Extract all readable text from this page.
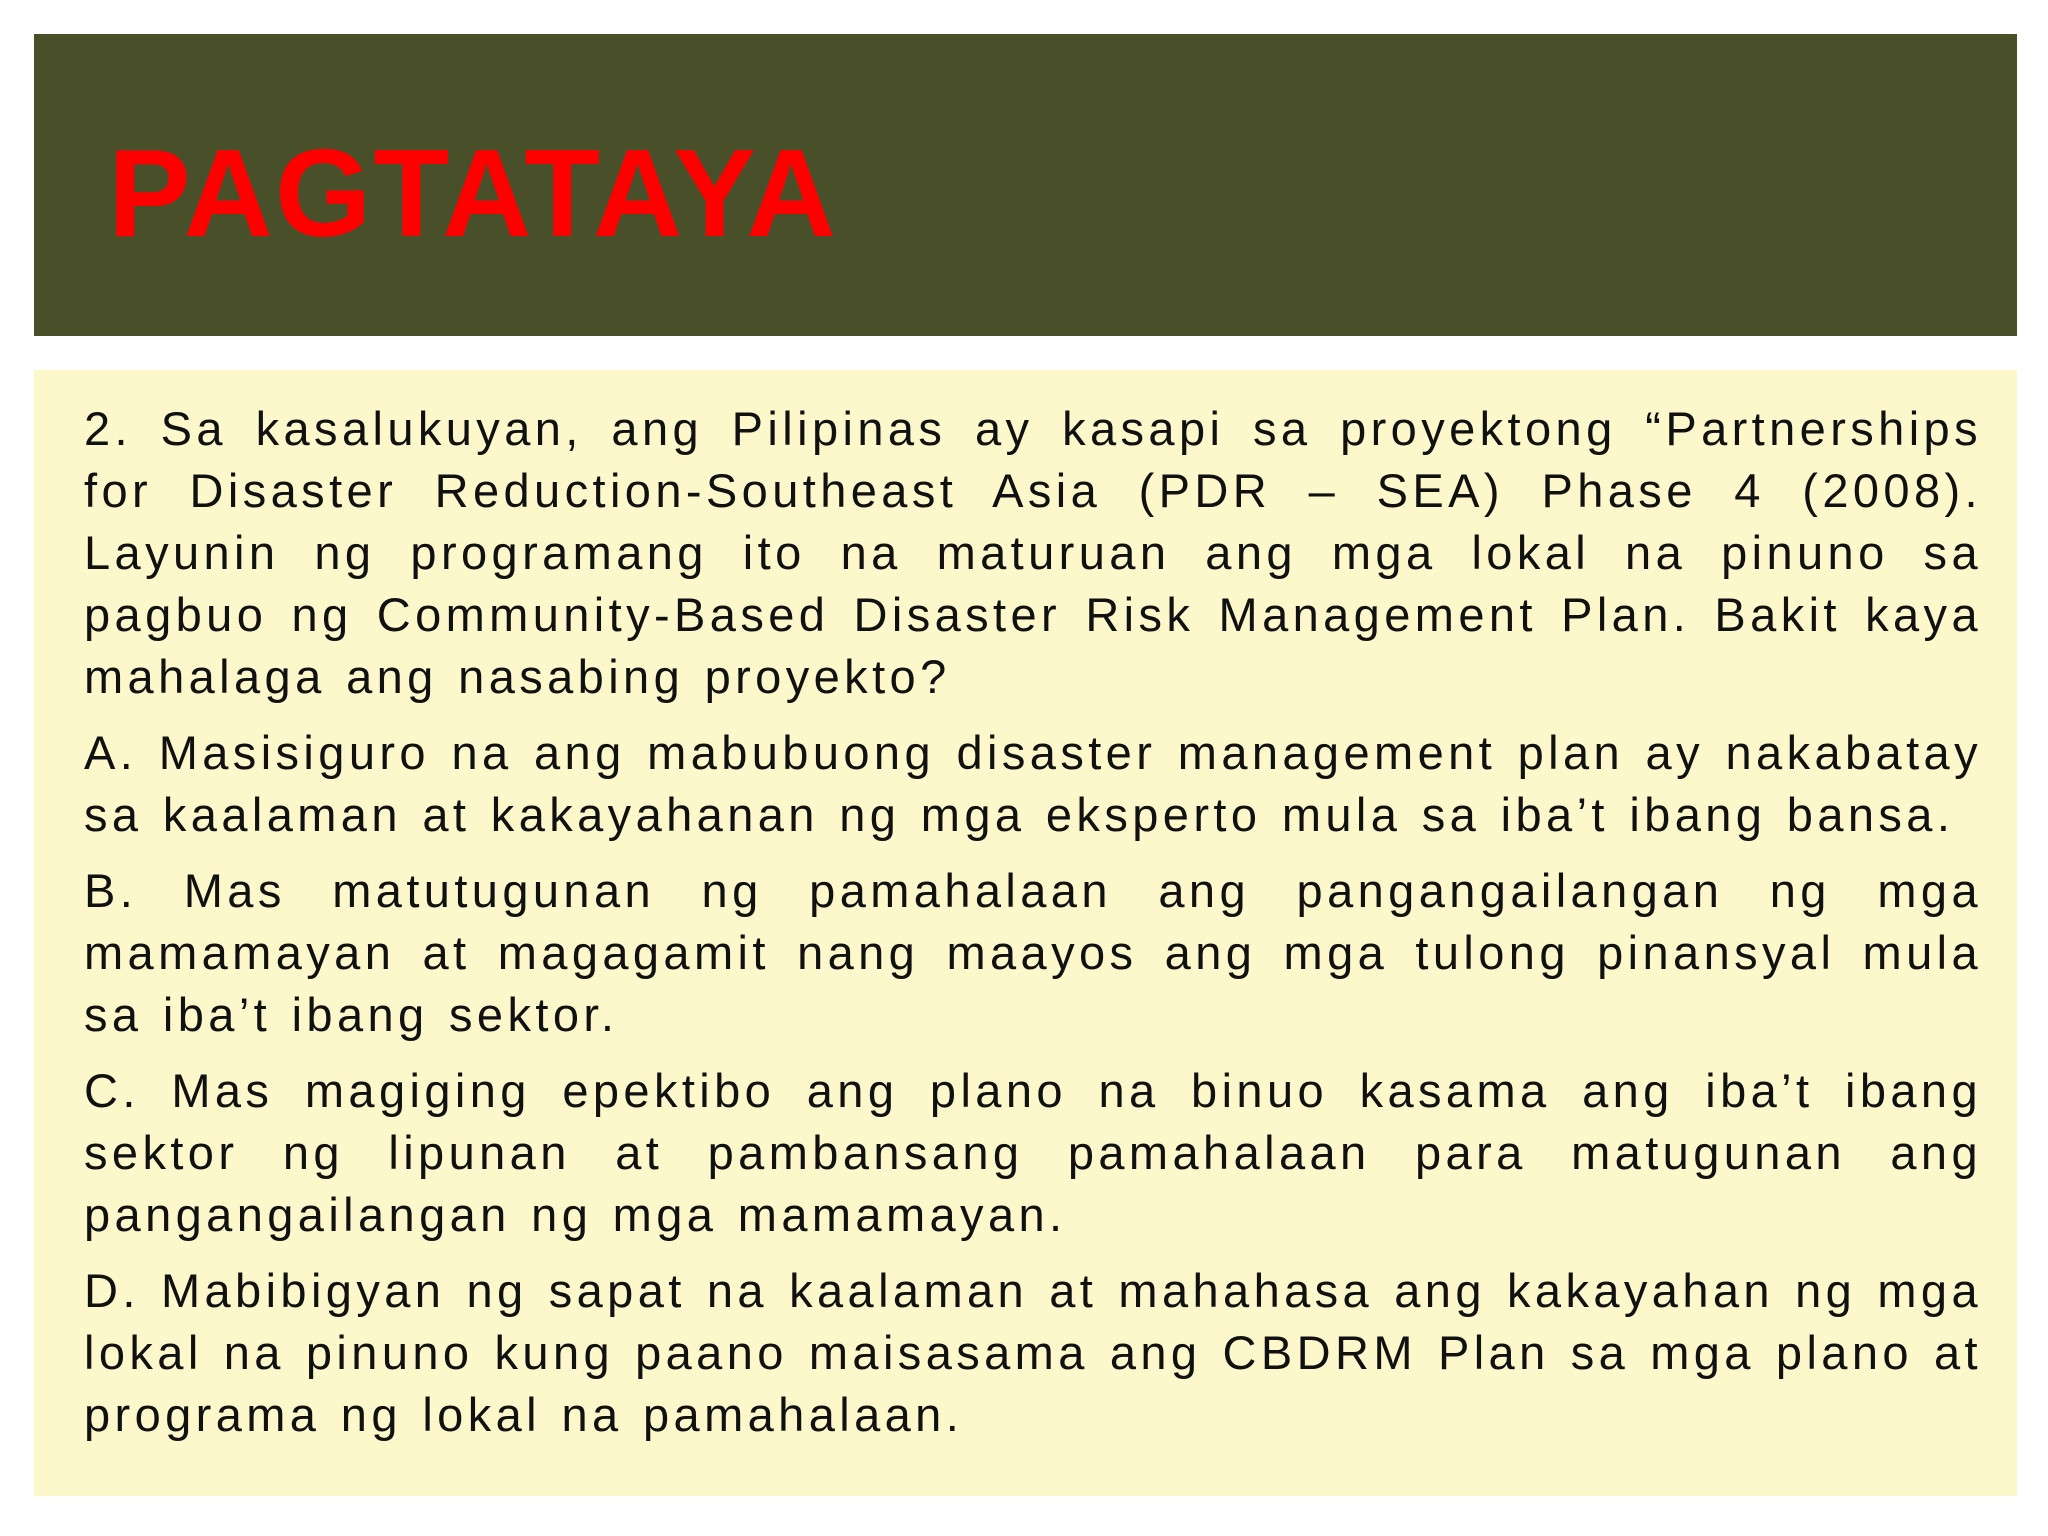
PAGTATAYA

2. Sa kasalukuyan, ang Pilipinas ay kasapi sa proyektong “Partnerships for Disaster Reduction-Southeast Asia (PDR – SEA) Phase 4 (2008). Layunin ng programang ito na maturuan ang mga lokal na pinuno sa pagbuo ng Community-Based Disaster Risk Management Plan. Bakit kaya mahalaga ang nasabing proyekto?

A. Masisiguro na ang mabubuong disaster management plan ay nakabatay sa kaalaman at kakayahanan ng mga eksperto mula sa iba’t ibang bansa.

B. Mas matutugunan ng pamahalaan ang pangangailangan ng mga mamamayan at magagamit nang maayos ang mga tulong pinansyal mula sa iba’t ibang sektor.

C. Mas magiging epektibo ang plano na binuo kasama ang iba’t ibang sektor ng lipunan at pambansang pamahalaan para matugunan ang pangangailangan ng mga mamamayan.

D. Mabibigyan ng sapat na kaalaman at mahahasa ang kakayahan ng mga lokal na pinuno kung paano maisasama ang CBDRM Plan sa mga plano at programa ng lokal na pamahalaan.
